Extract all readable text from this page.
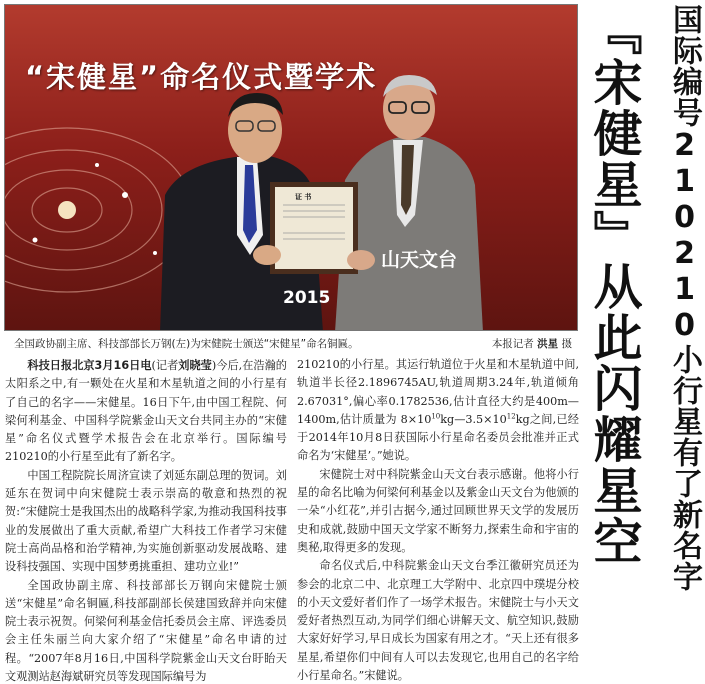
“宋健星”命名仪式暨学术
山天文台
2015
证 书
全国政协副主席、科技部部长万钢(左)为宋健院士颁送“宋健星”命名铜匾。	本报记者 洪星 摄

科技日报北京3月16日电(记者刘晓莹)今后,在浩瀚的太阳系之中,有一颗处在火星和木星轨道之间的小行星有了自己的名字——宋健星。16日下午,由中国工程院、何梁何利基金、中国科学院紫金山天文台共同主办的“宋健星”命名仪式暨学术报告会在北京举行。国际编号210210的小行星至此有了新名字。

中国工程院院长周济宣读了刘延东副总理的贺词。刘延东在贺词中向宋健院士表示崇高的敬意和热烈的祝贺:“宋健院士是我国杰出的战略科学家,为推动我国科技事业的发展做出了重大贡献,希望广大科技工作者学习宋健院士高尚品格和治学精神,为实施创新驱动发展战略、建设科技强国、实现中国梦勇挑重担、建功立业!”

全国政协副主席、科技部部长万钢向宋健院士颁送“宋健星”命名铜匾,科技部副部长侯建国致辞并向宋健院士表示祝贺。何梁何利基金信托委员会主席、评选委员会主任朱丽兰向大家介绍了“宋健星”命名申请的过程。“2007年8月16日,中国科学院紫金山天文台盱眙天文观测站赵海斌研究员等发现国际编号为

210210的小行星。其运行轨道位于火星和木星轨道中间,轨道半长径2.1896745AU,轨道周期3.24年,轨道倾角2.67031°,偏心率0.1782536,估计直径大约是400m—1400m,估计质量为 $8\times 10^{10}kg—3.5\times 10^{12}kg$之间,已经于2014年10月8日获国际小行星命名委员会批准并正式命名为‘宋健星’。”她说。

宋健院士对中科院紫金山天文台表示感谢。他将小行星的命名比喻为何梁何利基金以及紫金山天文台为他颁的一朵“小红花”,并引古据今,通过回顾世界天文学的发展历史和成就,鼓励中国天文学家不断努力,探索生命和宇宙的奥秘,取得更多的发现。

命名仪式后,中科院紫金山天文台季江徽研究员还为参会的北京二中、北京理工大学附中、北京四中璞堤分校的小天文爱好者们作了一场学术报告。宋健院士与小天文爱好者热烈互动,为同学们细心讲解天文、航空知识,鼓励大家好好学习,早日成长为国家有用之才。“天上还有很多星星,希望你们中间有人可以去发现它,也用自己的名字给小行星命名。”宋健说。

国际编号210210小行星有了新名字
『宋健星』从此闪耀星空
